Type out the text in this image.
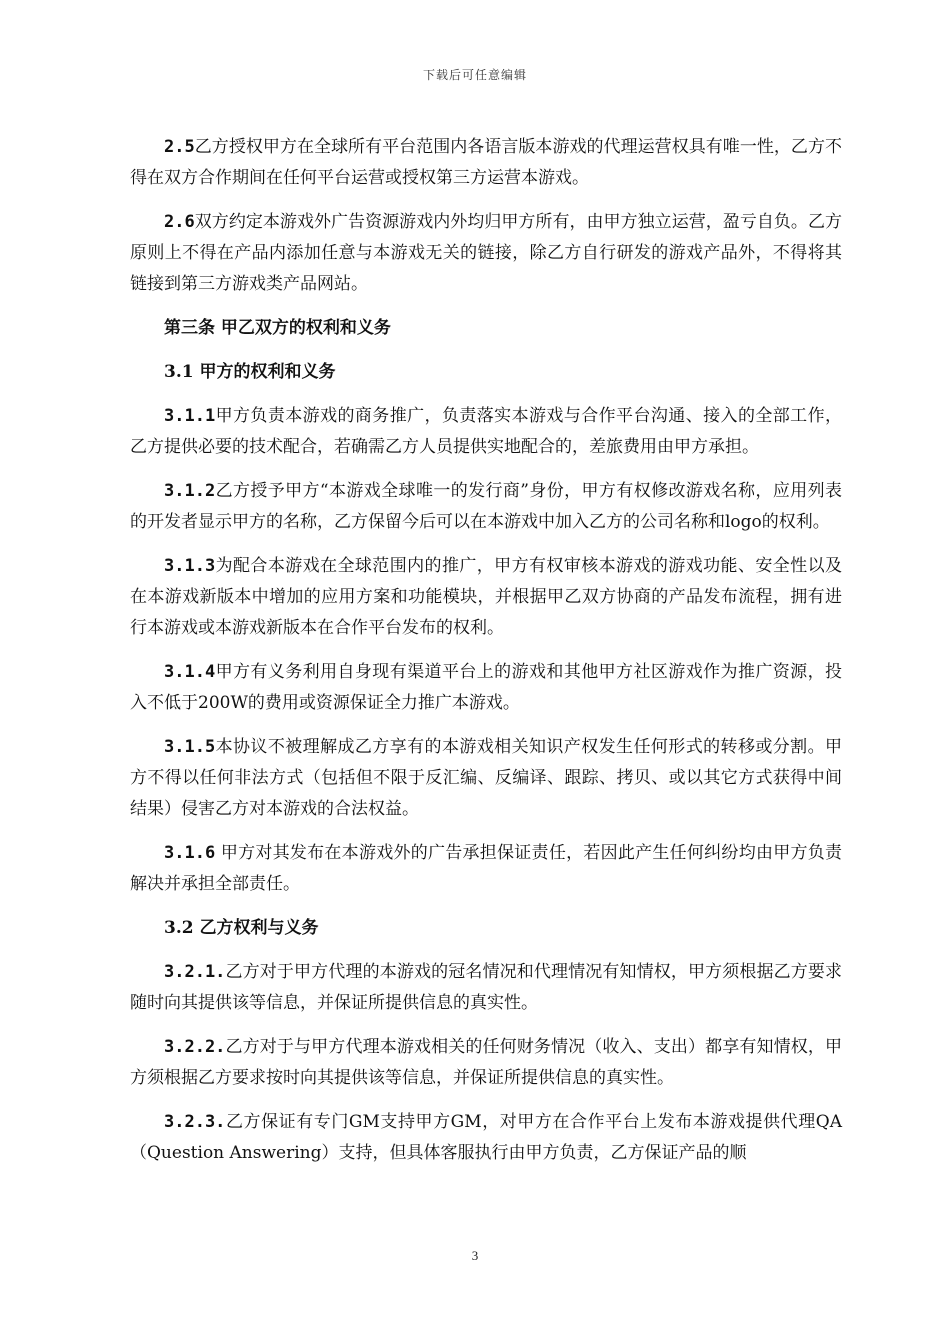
下载后可任意编辑

2.5乙方授权甲方在全球所有平台范围内各语言版本游戏的代理运营权具有唯一性，乙方不得在双方合作期间在任何平台运营或授权第三方运营本游戏。

2.6双方约定本游戏外广告资源游戏内外均归甲方所有，由甲方独立运营，盈亏自负。乙方原则上不得在产品内添加任意与本游戏无关的链接，除乙方自行研发的游戏产品外，不得将其链接到第三方游戏类产品网站。

第三条 甲乙双方的权利和义务

3.1 甲方的权利和义务

3.1.1甲方负责本游戏的商务推广，负责落实本游戏与合作平台沟通、接入的全部工作，乙方提供必要的技术配合，若确需乙方人员提供实地配合的，差旅费用由甲方承担。

3.1.2乙方授予甲方“本游戏全球唯一的发行商”身份，甲方有权修改游戏名称，应用列表的开发者显示甲方的名称，乙方保留今后可以在本游戏中加入乙方的公司名称和logo的权利。

3.1.3为配合本游戏在全球范围内的推广，甲方有权审核本游戏的游戏功能、安全性以及在本游戏新版本中增加的应用方案和功能模块，并根据甲乙双方协商的产品发布流程，拥有进行本游戏或本游戏新版本在合作平台发布的权利。

3.1.4甲方有义务利用自身现有渠道平台上的游戏和其他甲方社区游戏作为推广资源，投入不低于200W的费用或资源保证全力推广本游戏。

3.1.5本协议不被理解成乙方享有的本游戏相关知识产权发生任何形式的转移或分割。甲方不得以任何非法方式（包括但不限于反汇编、反编译、跟踪、拷贝、或以其它方式获得中间结果）侵害乙方对本游戏的合法权益。

3.1.6 甲方对其发布在本游戏外的广告承担保证责任，若因此产生任何纠纷均由甲方负责解决并承担全部责任。

3.2 乙方权利与义务

3.2.1.乙方对于甲方代理的本游戏的冠名情况和代理情况有知情权，甲方须根据乙方要求随时向其提供该等信息，并保证所提供信息的真实性。

3.2.2.乙方对于与甲方代理本游戏相关的任何财务情况（收入、支出）都享有知情权，甲方须根据乙方要求按时向其提供该等信息，并保证所提供信息的真实性。

3.2.3.乙方保证有专门GM支持甲方GM，对甲方在合作平台上发布本游戏提供代理QA（Question Answering）支持，但具体客服执行由甲方负责，乙方保证产品的顺

3
